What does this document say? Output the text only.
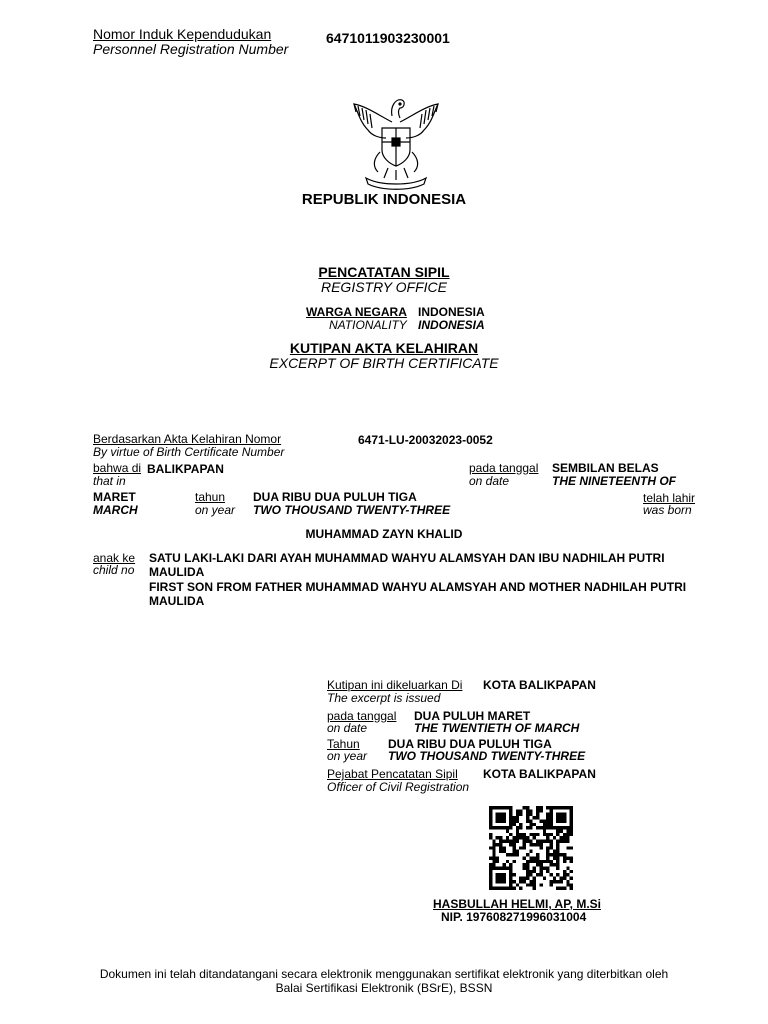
Nomor Induk Kependudukan
Personnel Registration Number
6471011903230001
REPUBLIK INDONESIA
PENCATATAN SIPIL
REGISTRY OFFICE
WARGA NEGARA INDONESIA
NATIONALITY INDONESIA
KUTIPAN AKTA KELAHIRAN
EXCERPT OF BIRTH CERTIFICATE
Berdasarkan Akta Kelahiran Nomor
By virtue of Birth Certificate Number
6471-LU-20032023-0052
bahwa di BALIKPAPAN
that in
pada tanggal
on date
SEMBILAN BELAS
THE NINETEENTH OF
MARET
MARCH
tahun
on year
DUA RIBU DUA PULUH TIGA
TWO THOUSAND TWENTY-THREE
telah lahir
was born
MUHAMMAD ZAYN KHALID
anak ke
child no
SATU LAKI-LAKI DARI AYAH MUHAMMAD WAHYU ALAMSYAH DAN IBU NADHILAH PUTRI MAULIDA
FIRST SON FROM FATHER MUHAMMAD WAHYU ALAMSYAH AND MOTHER NADHILAH PUTRI MAULIDA
Kutipan ini dikeluarkan Di
The excerpt is issued
KOTA BALIKPAPAN
pada tanggal
on date
DUA PULUH MARET
THE TWENTIETH OF MARCH
Tahun
on year
DUA RIBU DUA PULUH TIGA
TWO THOUSAND TWENTY-THREE
Pejabat Pencatatan Sipil
Officer of Civil Registration
KOTA BALIKPAPAN
HASBULLAH HELMI, AP, M.Si
NIP. 197608271996031004
Dokumen ini telah ditandatangani secara elektronik menggunakan sertifikat elektronik yang diterbitkan oleh
Balai Sertifikasi Elektronik (BSrE), BSSN
